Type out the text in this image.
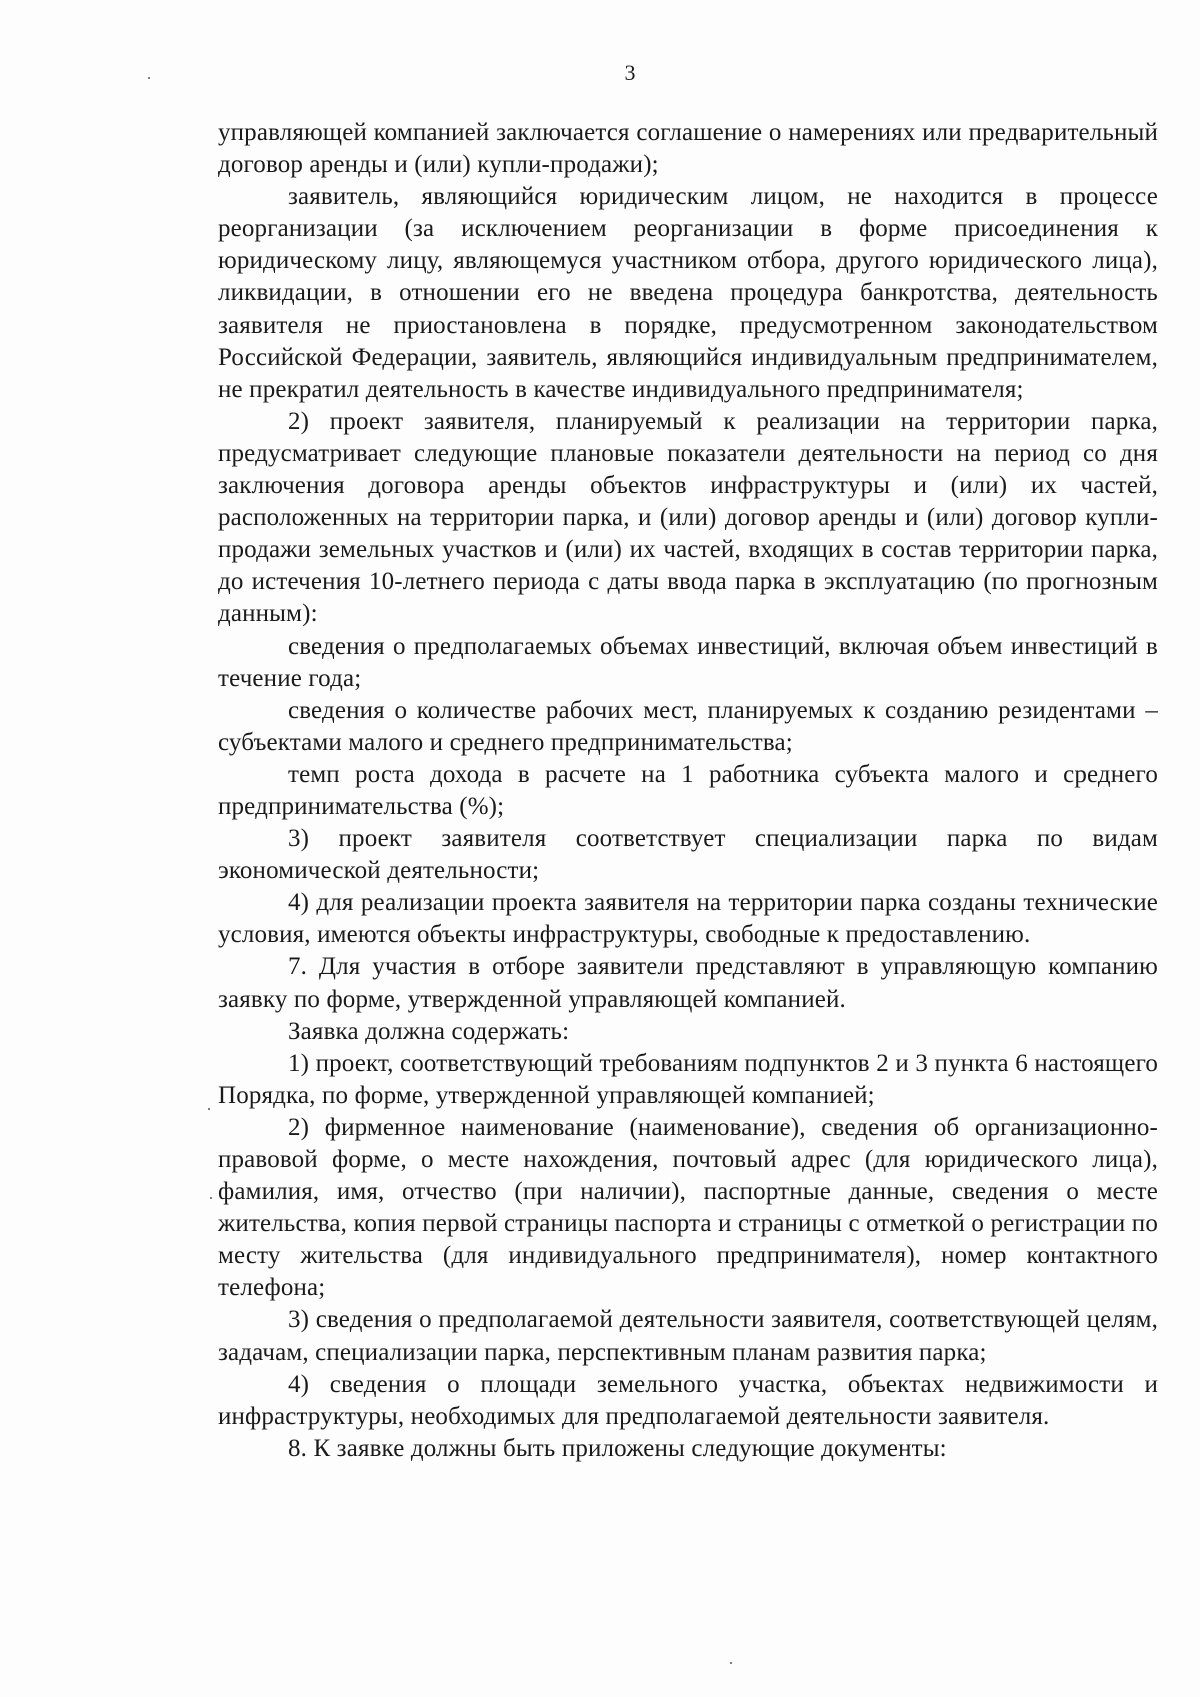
3

управляющей компанией заключается соглашение о намерениях или предварительный договор аренды и (или) купли-продажи);

заявитель, являющийся юридическим лицом, не находится в процессе реорганизации (за исключением реорганизации в форме присоединения к юридическому лицу, являющемуся участником отбора, другого юридического лица), ликвидации, в отношении его не введена процедура банкротства, деятельность заявителя не приостановлена в порядке, предусмотренном законодательством Российской Федерации, заявитель, являющийся индивидуальным предпринимателем, не прекратил деятельность в качестве индивидуального предпринимателя;

2) проект заявителя, планируемый к реализации на территории парка, предусматривает следующие плановые показатели деятельности на период со дня заключения договора аренды объектов инфраструктуры и (или) их частей, расположенных на территории парка, и (или) договор аренды и (или) договор купли-продажи земельных участков и (или) их частей, входящих в состав территории парка, до истечения 10-летнего периода с даты ввода парка в эксплуатацию (по прогнозным данным):

сведения о предполагаемых объемах инвестиций, включая объем инвестиций в течение года;

сведения о количестве рабочих мест, планируемых к созданию резидентами – субъектами малого и среднего предпринимательства;

темп роста дохода в расчете на 1 работника субъекта малого и среднего предпринимательства (%);

3) проект заявителя соответствует специализации парка по видам экономической деятельности;

4) для реализации проекта заявителя на территории парка созданы технические условия, имеются объекты инфраструктуры, свободные к предоставлению.

7. Для участия в отборе заявители представляют в управляющую компанию заявку по форме, утвержденной управляющей компанией.

Заявка должна содержать:

1) проект, соответствующий требованиям подпунктов 2 и 3 пункта 6 настоящего Порядка, по форме, утвержденной управляющей компанией;

2) фирменное наименование (наименование), сведения об организационно-правовой форме, о месте нахождения, почтовый адрес (для юридического лица), фамилия, имя, отчество (при наличии), паспортные данные, сведения о месте жительства, копия первой страницы паспорта и страницы с отметкой о регистрации по месту жительства (для индивидуального предпринимателя), номер контактного телефона;

3) сведения о предполагаемой деятельности заявителя, соответствующей целям, задачам, специализации парка, перспективным планам развития парка;

4) сведения о площади земельного участка, объектах недвижимости и инфраструктуры, необходимых для предполагаемой деятельности заявителя.

8. К заявке должны быть приложены следующие документы:
